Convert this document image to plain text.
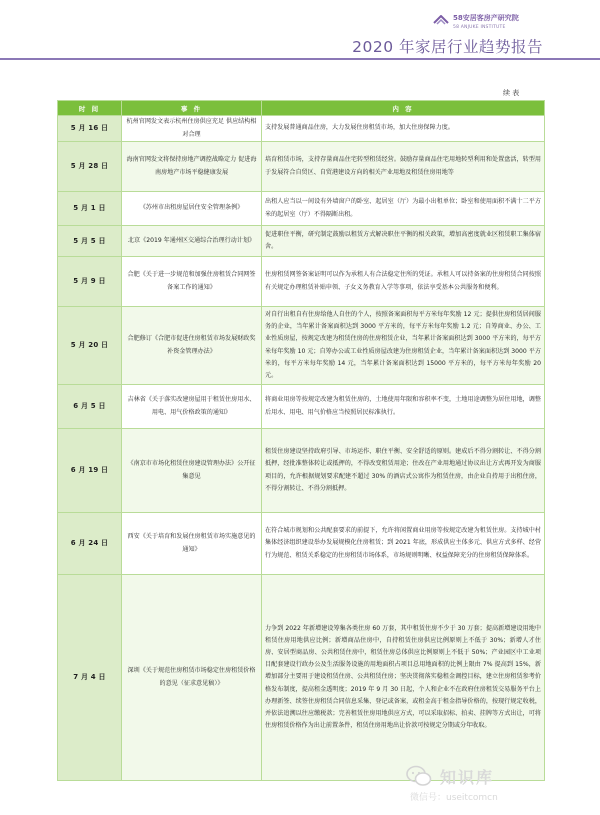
58安居客房产研究院
58 ANJUKE INSTITUTE
2020 年家居行业趋势报告
续 表
时 间	事 件	内 容
5 月 16 日	杭州官网发文表示杭州住房供应充足 供应结构相对合理	支持发展普通商品住房，大力发展住房租赁市场，加大住房保障力度。
5 月 28 日	海南官网发文将保持房地产调控战略定力 促进海南房地产市场平稳健康发展	培育租赁市场，支持存量商品住宅转型租赁经营。鼓励存量商品住宅用地转型利用和处置盘活，转型用于发展符合自贸区、自贸港建设方向的相关产业用地及租赁住房用地等
5 月 1 日	《苏州市出租房屋居住安全管理条例》	出租人应当以一间设有外墙窗户的卧室、起居室（厅）为最小出租单位；卧室和使用面积不满十二平方米的起居室（厅）不得隔断出租。
5 月 5 日	北京《2019 年通州区交通综合治理行动计划》	促进职住平衡，研究制定鼓励以租赁方式解决职住平衡的相关政策，增加高密度就业区租赁职工集体宿舍。
5 月 9 日	合肥《关于进一步规范和加强住房租赁合同网签备案工作的通知》	住房租赁网签备案证明可以作为承租人有合法稳定住所的凭证。承租人可以持备案的住房租赁合同按照有关规定办理租赁补贴申领、子女义务教育入学等事项，依法享受基本公共服务和便利。
5 月 20 日	合肥修订《合肥市促进住房租赁市场发展财政奖补资金管理办法》	对自行出租自有住房给他人自住的个人，按照备案面积每平方米每年奖励 12 元；提供住房租赁居间服务的企业，当年累计备案面积达到 3000 平方米的，每平方米每年奖励 1.2 元；自筹商业、办公、工业性质房屋，按规定改建为租赁住房的住房租赁企业，当年累计备案面积达到 3000 平方米的，每平方米每年奖励 10 元；自筹办公或工业性质房屋改建为住房租赁企业，当年累计备案面积达到 3000 平方米的，每平方米每年奖励 14 元，当年累计备案面积达到 15000 平方米的，每平方米每年奖励 20 元。
6 月 5 日	吉林省《关于落实改建房屋用于租赁住房用水、用电、用气价格政策的通知》	将商业用房等按规定改建为租赁住房的，土地使用年限和容积率不变，土地用途调整为居住用地，调整后用水、用电、用气价格应当按照居民标准执行。
6 月 19 日	《南京市市场化租赁住房建设管理办法》公开征集意见	租赁住房建设坚持政府引导、市场运作、职住平衡、安全舒适的原则。建成后不得分割转让、不得分割抵押，经批准整体转让或抵押的，不得改变租赁用途；住改在产业用地通过协议出让方式再开发为商服项目的，允许根据规划要求配建不超过 30% 的酒店式公寓作为租赁住房，由企业自持用于出租住房，不得分割转让、不得分割抵押。
6 月 24 日	西安《关于培育和发展住房租赁市场实施意见的通知》	在符合城市规划和公共配套要求的前提下，允许将闲置商业用房等按规定改建为租赁住房。支持城中村集体经济组织建设举办发展规模化住房租赁；到 2021 年底，形成供应主体多元、供应方式多样、经营行为规范、租赁关系稳定的住房租赁市场体系，市场规则明晰、权益保障充分的住房租赁保障体系。
7 月 4 日	深圳《关于规范住房租赁市场稳定住房租赁价格的意见（征求意见稿）》	力争到 2022 年新增建设筹集各类住房 60 万套，其中租赁住房不少于 30 万套；提高新增建设用地中租赁住房用地供应比例；新增商品住房中，自持租赁住房供应比例原则上不低于 30%；新增人才住房、安居型商品房、公共租赁住房中，租赁住房总体供应比例原则上不低于 50%；产业园区中工业项目配套建设行政办公及生活服务设施的用地面积占项目总用地面积的比例上限由 7% 提高到 15%，新增加部分主要用于建设租赁住房、公共租赁住房；坚决贯彻落实稳租金调控目标，建立住房租赁参考价格发布制度，提高租金透明度；2019 年 9 月 30 日起，个人和企业不在政府住房租赁交易服务平台上办理新签、续签住房租赁合同信息采集、登记或备案，或租金高于租金指导价格的，按现行规定收税，并依法追溯以往应缴税款；完善租赁住房用地供应方式，可以采取招标、拍卖、挂牌等方式出让，可将住房租赁价格作为出让前置条件，租赁住房用地出让价款可按规定分期或分年收取。
知识库
微信号：useitcomcn
